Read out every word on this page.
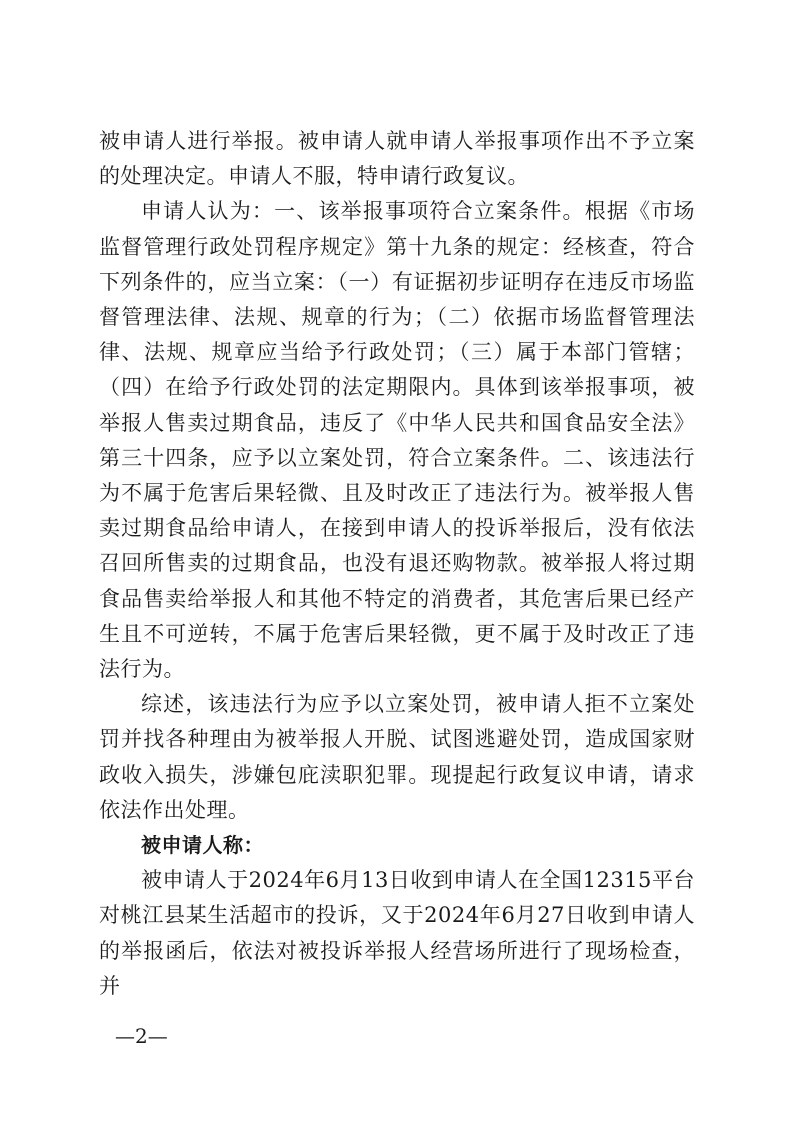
被申请人进行举报。被申请人就申请人举报事项作出不予立案的处理决定。申请人不服，特申请行政复议。

申请人认为：一、该举报事项符合立案条件。根据《市场监督管理行政处罚程序规定》第十九条的规定：经核查，符合下列条件的，应当立案：（一）有证据初步证明存在违反市场监督管理法律、法规、规章的行为；（二）依据市场监督管理法律、法规、规章应当给予行政处罚；（三）属于本部门管辖；（四）在给予行政处罚的法定期限内。具体到该举报事项，被举报人售卖过期食品，违反了《中华人民共和国食品安全法》第三十四条，应予以立案处罚，符合立案条件。二、该违法行为不属于危害后果轻微、且及时改正了违法行为。被举报人售卖过期食品给申请人，在接到申请人的投诉举报后，没有依法召回所售卖的过期食品，也没有退还购物款。被举报人将过期食品售卖给举报人和其他不特定的消费者，其危害后果已经产生且不可逆转，不属于危害后果轻微，更不属于及时改正了违法行为。

综述，该违法行为应予以立案处罚，被申请人拒不立案处罚并找各种理由为被举报人开脱、试图逃避处罚，造成国家财政收入损失，涉嫌包庇渎职犯罪。现提起行政复议申请，请求依法作出处理。

被申请人称：

被申请人于2024年6月13日收到申请人在全国12315平台对桃江县某生活超市的投诉，又于2024年6月27日收到申请人的举报函后，依法对被投诉举报人经营场所进行了现场检查，并

—2—
